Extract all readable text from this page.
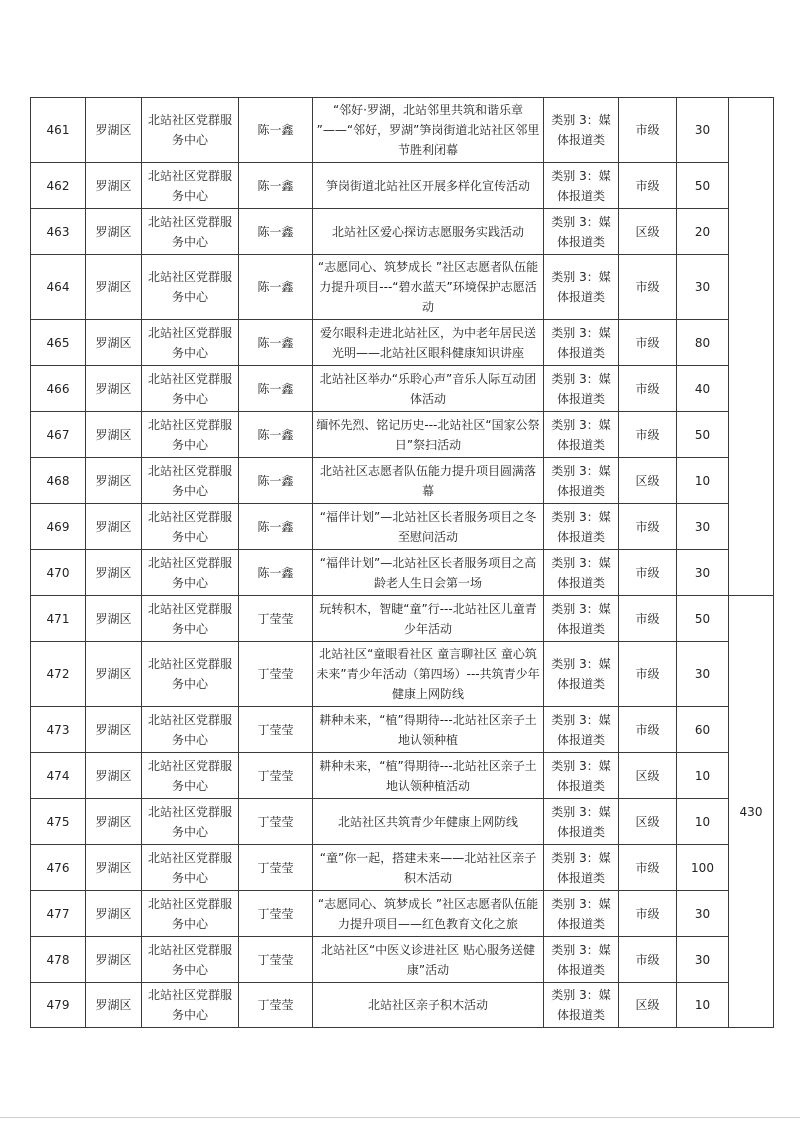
461	罗湖区	北站社区党群服务中心	陈一鑫	“邻好·罗湖，北站邻里共筑和谐乐章 ”——“邻好，罗湖”笋岗街道北站社区邻里节胜利闭幕	类别 3：媒体报道类	市级	30	
462	罗湖区	北站社区党群服务中心	陈一鑫	笋岗街道北站社区开展多样化宣传活动	类别 3：媒体报道类	市级	50	
463	罗湖区	北站社区党群服务中心	陈一鑫	北站社区爱心探访志愿服务实践活动	类别 3：媒体报道类	区级	20	
464	罗湖区	北站社区党群服务中心	陈一鑫	“志愿同心、筑梦成长 ”社区志愿者队伍能力提升项目---“碧水蓝天”环境保护志愿活动	类别 3：媒体报道类	市级	30	
465	罗湖区	北站社区党群服务中心	陈一鑫	爱尔眼科走进北站社区，为中老年居民送光明——北站社区眼科健康知识讲座	类别 3：媒体报道类	市级	80	
466	罗湖区	北站社区党群服务中心	陈一鑫	北站社区举办“乐聆心声”音乐人际互动团体活动	类别 3：媒体报道类	市级	40	
467	罗湖区	北站社区党群服务中心	陈一鑫	缅怀先烈、铭记历史---北站社区“国家公祭日”祭扫活动	类别 3：媒体报道类	市级	50	
468	罗湖区	北站社区党群服务中心	陈一鑫	北站社区志愿者队伍能力提升项目圆满落幕	类别 3：媒体报道类	区级	10	
469	罗湖区	北站社区党群服务中心	陈一鑫	“福伴计划”—北站社区长者服务项目之冬至慰问活动	类别 3：媒体报道类	市级	30	
470	罗湖区	北站社区党群服务中心	陈一鑫	“福伴计划”—北站社区长者服务项目之高龄老人生日会第一场	类别 3：媒体报道类	市级	30	
471	罗湖区	北站社区党群服务中心	丁莹莹	玩转积木，智睫“童”行---北站社区儿童青少年活动	类别 3：媒体报道类	市级	50	430
472	罗湖区	北站社区党群服务中心	丁莹莹	北站社区“童眼看社区 童言聊社区 童心筑未来”青少年活动（第四场）---共筑青少年健康上网防线	类别 3：媒体报道类	市级	30	
473	罗湖区	北站社区党群服务中心	丁莹莹	耕种未来，“植”得期待---北站社区亲子土地认领种植	类别 3：媒体报道类	市级	60	
474	罗湖区	北站社区党群服务中心	丁莹莹	耕种未来，“植”得期待---北站社区亲子土地认领种植活动	类别 3：媒体报道类	区级	10	
475	罗湖区	北站社区党群服务中心	丁莹莹	北站社区共筑青少年健康上网防线	类别 3：媒体报道类	区级	10	
476	罗湖区	北站社区党群服务中心	丁莹莹	“童”你一起，搭建未来——北站社区亲子积木活动	类别 3：媒体报道类	市级	100	
477	罗湖区	北站社区党群服务中心	丁莹莹	“志愿同心、筑梦成长 ”社区志愿者队伍能力提升项目——红色教育文化之旅	类别 3：媒体报道类	市级	30	
478	罗湖区	北站社区党群服务中心	丁莹莹	北站社区“中医义诊进社区 贴心服务送健康”活动	类别 3：媒体报道类	市级	30	
479	罗湖区	北站社区党群服务中心	丁莹莹	北站社区亲子积木活动	类别 3：媒体报道类	区级	10	
